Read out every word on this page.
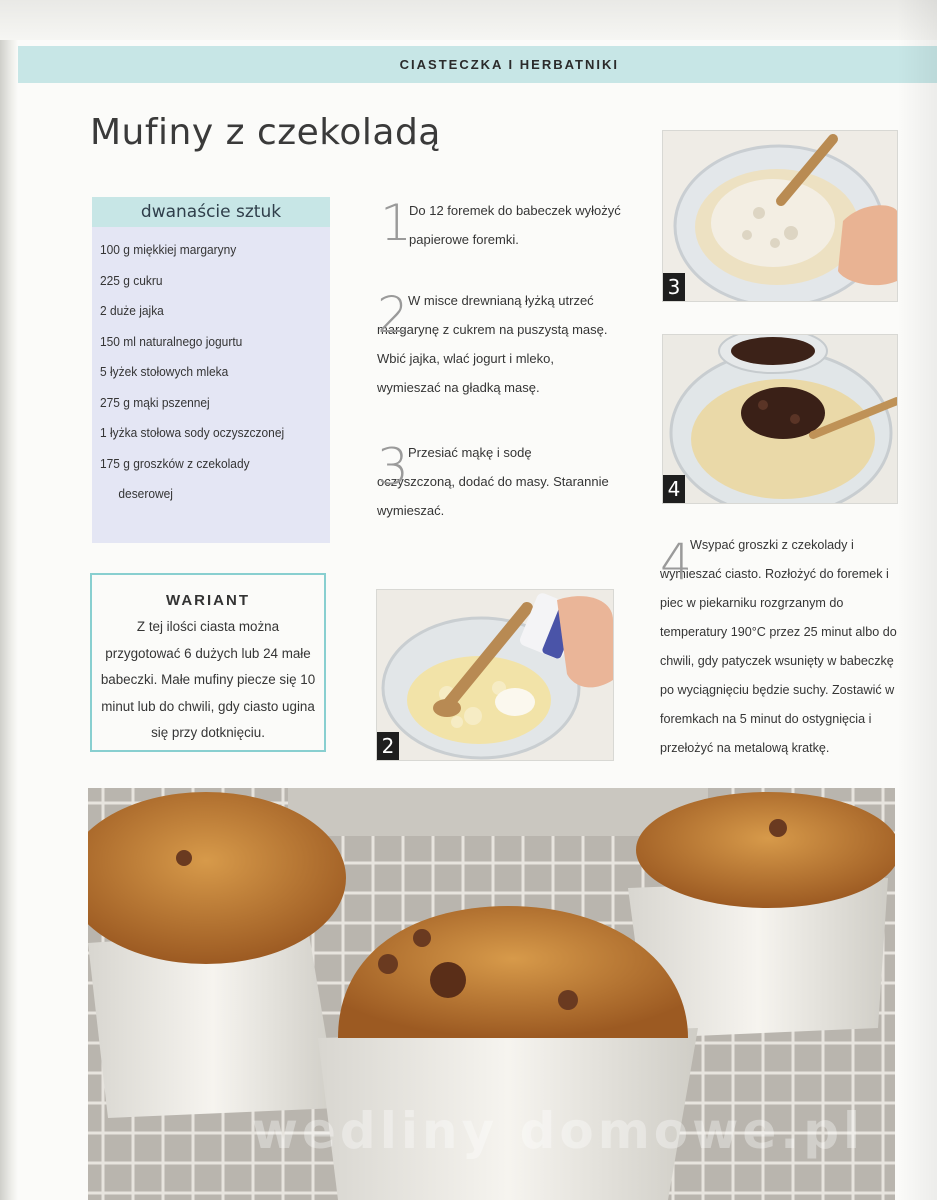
CIASTECZKA I HERBATNIKI
Mufiny z czekoladą
dwanaście sztuk
100 g miękkiej margaryny
225 g cukru
2 duże jajka
150 ml naturalnego jogurtu
5 łyżek stołowych mleka
275 g mąki pszennej
1 łyżka stołowa sody oczyszczonej
175 g groszków z czekolady
deserowej
WARIANT

Z tej ilości ciasta można przygotować 6 dużych lub 24 małe babeczki. Małe mufiny piecze się 10 minut lub do chwili, gdy ciasto ugina się przy dotknięciu.

1

Do 12 foremek do babeczek wyłożyć papierowe foremki.

2 W misce drewnianą łyżką utrzeć margarynę z cukrem na puszystą masę. Wbić jajka, wlać jogurt i mleko, wymieszać na gładką masę.

3 Przesiać mąkę i sodę oczyszczoną, dodać do masy. Starannie wymieszać.

4

Wsypać groszki z czekolady i wymieszać ciasto. Rozłożyć do foremek i piec w piekarniku rozgrzanym do temperatury 190°C przez 25 minut albo do chwili, gdy patyczek wsunięty w babeczkę po wyciągnięciu będzie suchy. Zostawić w foremkach na 5 minut do ostygnięcia i przełożyć na metalową kratkę.

3
4
2
wedliny domowe.pl
